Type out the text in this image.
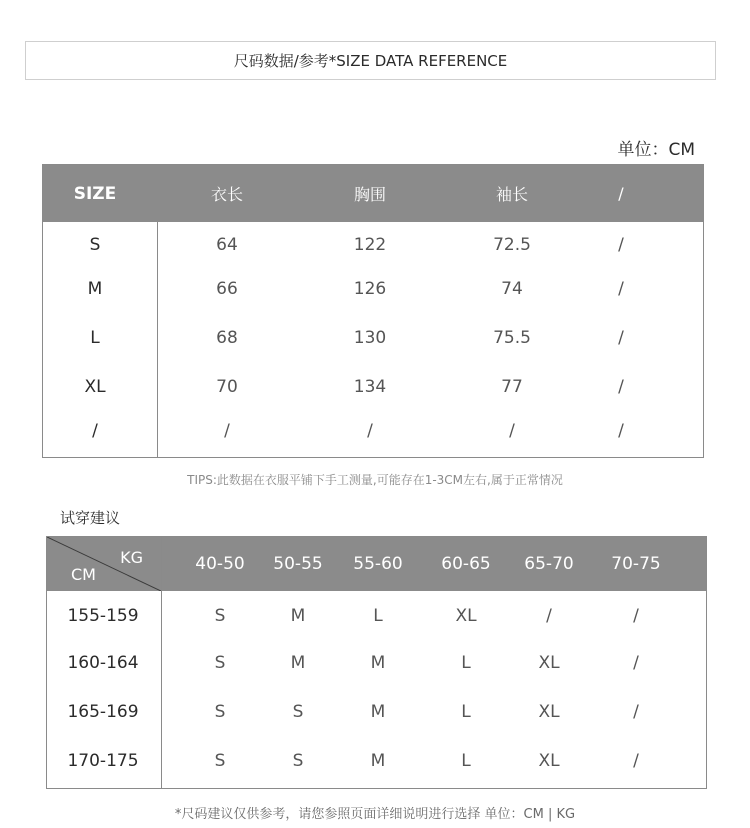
尺码数据/参考*SIZE DATA REFERENCE
单位：CM
SIZE	衣长	胸围	袖长	/
S	64	122	72.5	/
M	66	126	74	/
L	68	130	75.5	/
XL	70	134	77	/
/	/	/	/	/
TIPS:此数据在衣服平铺下手工测量,可能存在1-3CM左右,属于正常情况
试穿建议
KG
CM
40-50	50-55	55-60	60-65	65-70	70-75
155-159	S	M	L	XL	/	/
160-164	S	M	M	L	XL	/
165-169	S	S	M	L	XL	/
170-175	S	S	M	L	XL	/
*尺码建议仅供参考，请您参照页面详细说明进行选择 单位：CM | KG
